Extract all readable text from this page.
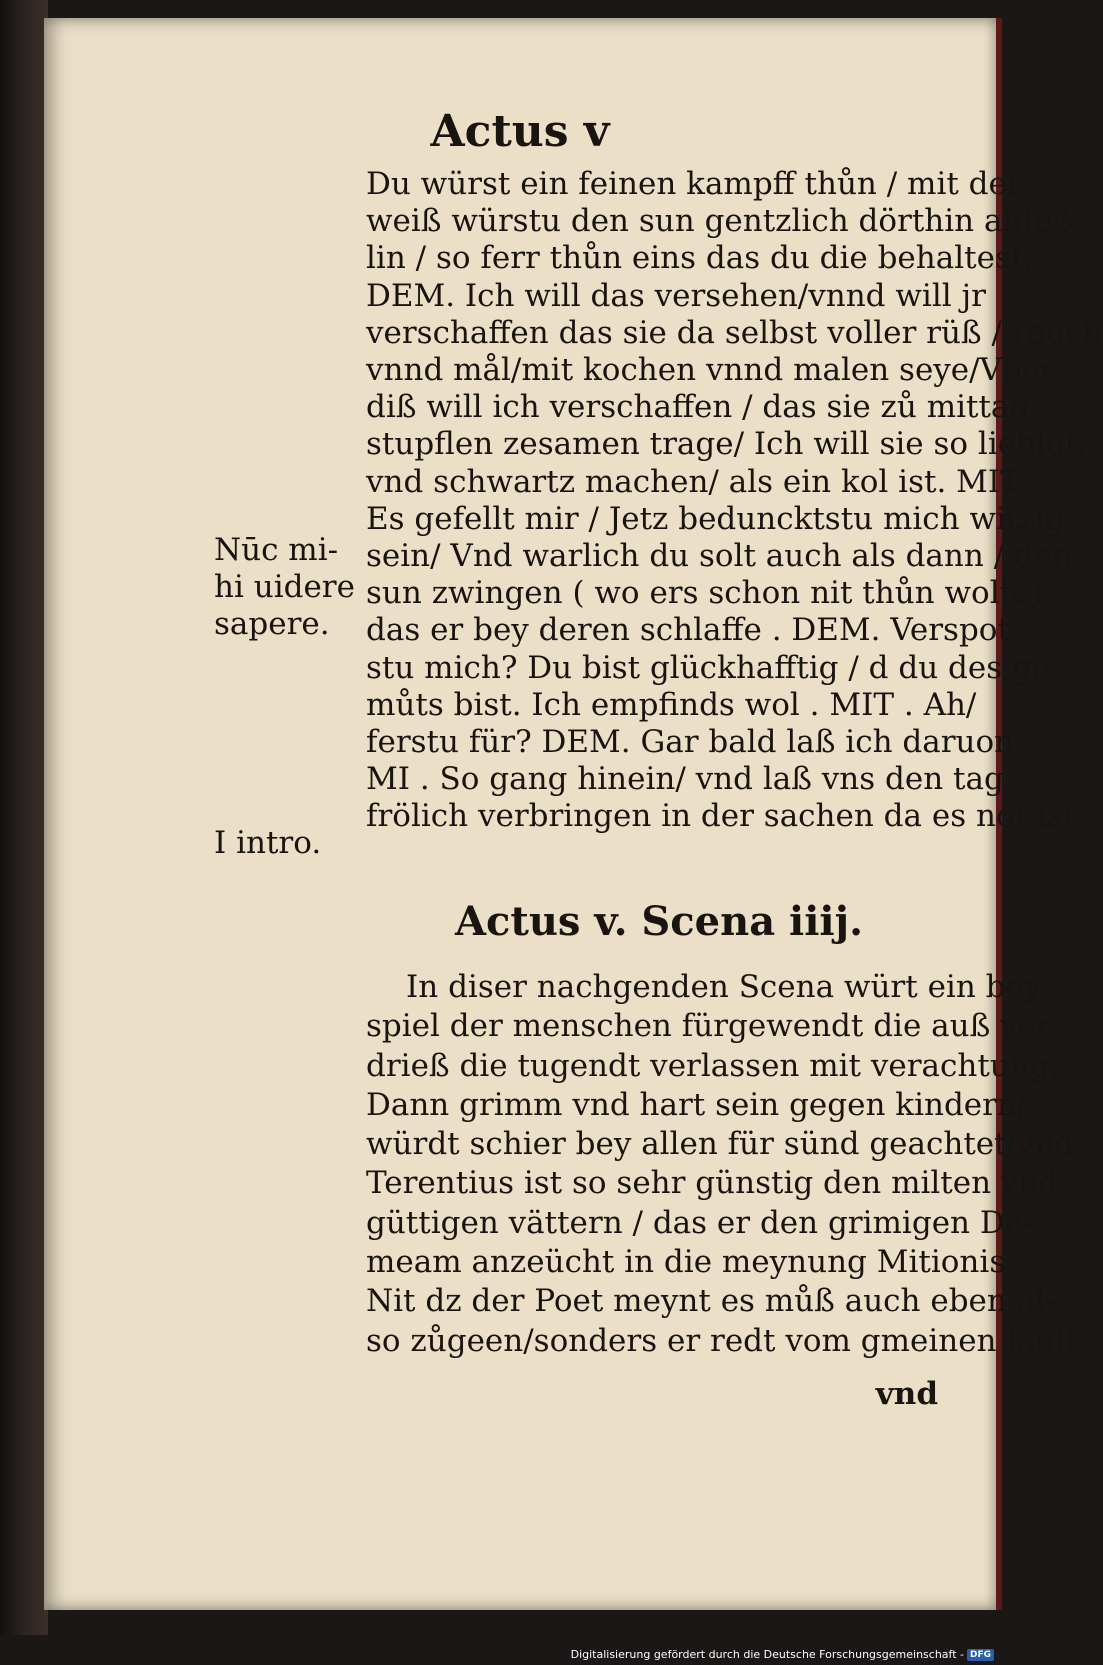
Actus v
Du würst ein feinen kampff thůn / mit der
weiß würstu den sun gentzlich dörthin anfeß
lin / so ferr thůn eins das du die behaltest.
DEM. Ich will das versehen/vnnd will jr
verschaffen das sie da selbst voller rüß / rouch
vnnd mål/mit kochen vnnd malen seye/Vber
diß will ich verschaffen / das sie zů mittag
stupflen zesamen trage/ Ich will sie so liebloß
vnd schwartz machen/ als ein kol ist. MIT.
Es gefellt mir / Jetz beduncktstu mich witzig
sein/ Vnd warlich du solt auch als dann / den
sun zwingen ( wo ers schon nit thůn wolte)
das er bey deren schlaffe . DEM. Verspot-
stu mich? Du bist glückhafftig / d du des ge-
můts bist. Ich empfinds wol . MIT . Ah/
ferstu für? DEM. Gar bald laß ich daruon.
MI . So gang hinein/ vnd laß vns den tag
frölich verbringen in der sachen da es not ist.
Nūc mi-
hi uidere
sapere.
I intro.
Actus v. Scena iiij.
In diser nachgenden Scena würt ein bey-
spiel der menschen fürgewendt die auß ver-
drieß die tugendt verlassen mit verachtung.
Dann grimm vnd hart sein gegen kindern/
würdt schier bey allen für sünd geachtet/vnd
Terentius ist so sehr günstig den milten vnd
güttigen vättern / das er den grimigen De-
meam anzeücht in die meynung Mitionis.
Nit dz der Poet meynt es můß auch eben al-
so zůgeen/sonders er redt vom gmeinen lauff
vnd
Digitalisierung gefördert durch die Deutsche Forschungsgemeinschaft - DFG
